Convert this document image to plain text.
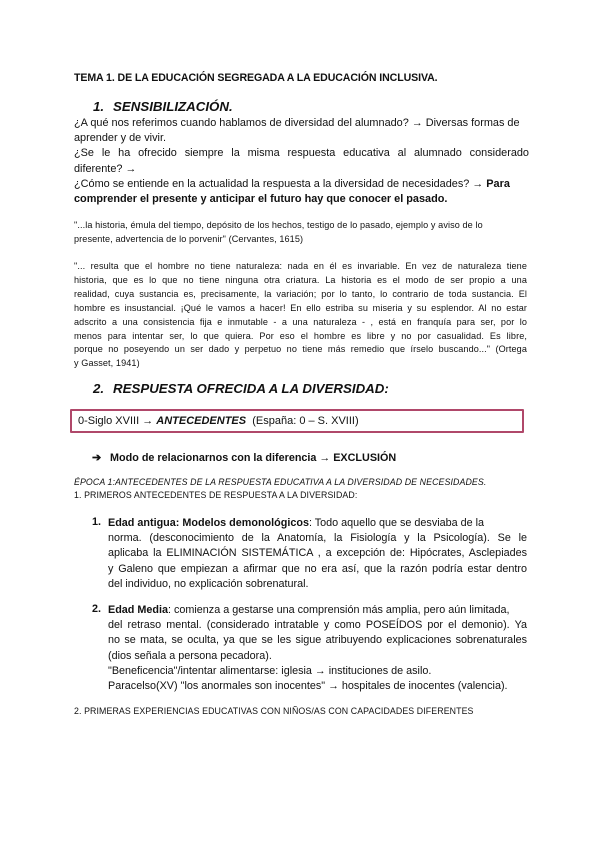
TEMA 1. DE LA EDUCACIÓN SEGREGADA A LA EDUCACIÓN INCLUSIVA.
1. SENSIBILIZACIÓN.
¿A qué nos referimos cuando hablamos de diversidad del alumnado? → Diversas formas de
aprender y de vivir.
¿Se le ha ofrecido siempre la misma respuesta educativa al alumnado considerado
diferente? →
¿Cómo se entiende en la actualidad la respuesta a la diversidad de necesidades? → Para
comprender el presente y anticipar el futuro hay que conocer el pasado.
"...la historia, émula del tiempo, depósito de los hechos, testigo de lo pasado, ejemplo y aviso de lo
presente, advertencia de lo porvenir" (Cervantes, 1615)
"... resulta que el hombre no tiene naturaleza: nada en él es invariable. En vez de naturaleza tiene
historia, que es lo que no tiene ninguna otra criatura. La historia es el modo de ser propio a una
realidad, cuya sustancia es, precisamente, la variación; por lo tanto, lo contrario de toda sustancia. El
hombre es insustancial. ¡Qué le vamos a hacer! En ello estriba su miseria y su esplendor. Al no estar
adscrito a una consistencia fija e inmutable - a una naturaleza - , está en franquía para ser, por lo
menos para intentar ser, lo que quiera. Por eso el hombre es libre y no por casualidad. Es libre,
porque no poseyendo un ser dado y perpetuo no tiene más remedio que írselo buscando..." (Ortega
y Gasset, 1941)
2. RESPUESTA OFRECIDA A LA DIVERSIDAD:
0-Siglo XVIII → ANTECEDENTES (España: 0 – S. XVIII)
➔ Modo de relacionarnos con la diferencia → EXCLUSIÓN
ÉPOCA 1:ANTECEDENTES DE LA RESPUESTA EDUCATIVA A LA DIVERSIDAD DE NECESIDADES.
1. PRIMEROS ANTECEDENTES DE RESPUESTA A LA DIVERSIDAD:
1. Edad antigua: Modelos demonológicos: Todo aquello que se desviaba de la
norma. (desconocimiento de la Anatomía, la Fisiología y la Psicología). Se le
aplicaba la ELIMINACIÓN SISTEMÁTICA , a excepción de: Hipócrates, Asclepiades
y Galeno que empiezan a afirmar que no era así, que la razón podría estar dentro
del individuo, no explicación sobrenatural.
2. Edad Media: comienza a gestarse una comprensión más amplia, pero aún limitada,
del retraso mental. (considerado intratable y como POSEÍDOS por el demonio). Ya
no se mata, se oculta, ya que se les sigue atribuyendo explicaciones sobrenaturales
(dios señala a persona pecadora).
"Beneficencia"/intentar alimentarse: iglesia → instituciones de asilo.
Paracelso(XV) "los anormales son inocentes" → hospitales de inocentes (valencia).
2. PRIMERAS EXPERIENCIAS EDUCATIVAS CON NIÑOS/AS CON CAPACIDADES DIFERENTES
